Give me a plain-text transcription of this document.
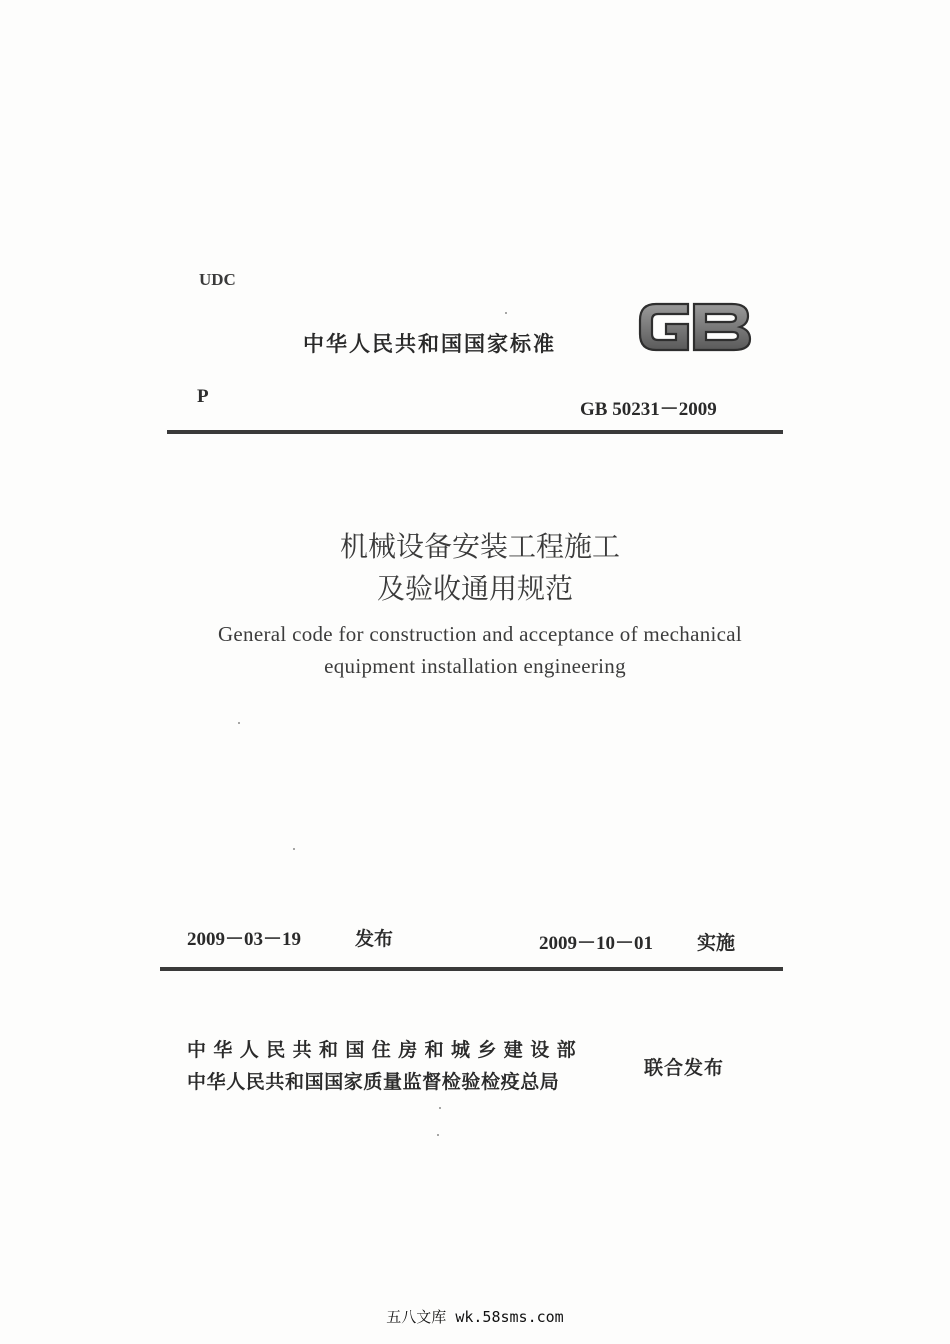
UDC
中华人民共和国国家标准
P
GB 50231－2009
机械设备安装工程施工
及验收通用规范
General code for construction and acceptance of mechanical
equipment installation engineering
2009－03－19	发布	2009－10－01 实施
中华人民共和国住房和城乡建设部
中华人民共和国国家质量监督检验检疫总局
联合发布
五八文库 wk.58sms.com
